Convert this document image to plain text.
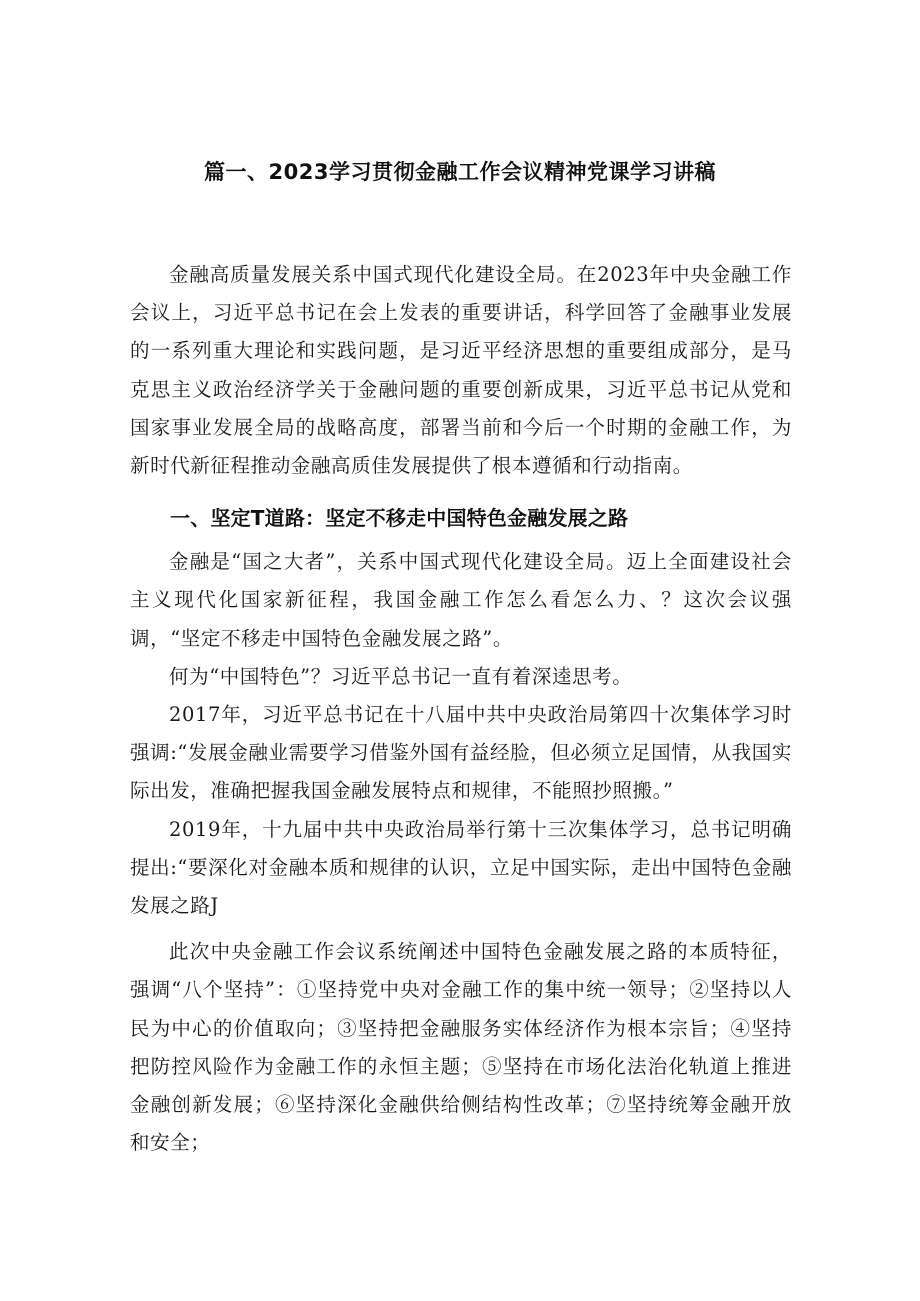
篇一、2023学习贯彻金融工作会议精神党课学习讲稿

金融高质量发展关系中国式现代化建设全局。在2023年中央金融工作会议上，习近平总书记在会上发表的重要讲话，科学回答了金融事业发展的一系列重大理论和实践问题，是习近平经济思想的重要组成部分，是马克思主义政治经济学关于金融问题的重要创新成果，习近平总书记从党和国家事业发展全局的战略高度，部署当前和今后一个时期的金融工作，为新时代新征程推动金融高质佳发展提供了根本遵循和行动指南。

一、坚定T道路：坚定不移走中国特色金融发展之路

金融是“国之大者”，关系中国式现代化建设全局。迈上全面建设社会主义现代化国家新征程，我国金融工作怎么看怎么力、？这次会议强调，“坚定不移走中国特色金融发展之路”。

何为“中国特色”？习近平总书记一直有着深逵思考。

2017年，习近平总书记在十八届中共中央政治局第四十次集体学习时强调:“发展金融业需要学习借鉴外国有益经脸，但必须立足国情，从我国实际出发，准确把握我国金融发展特点和规律，不能照抄照搬。”

2019年，十九届中共中央政治局举行第十三次集体学习，总书记明确提出:“要深化对金融本质和规律的认识，立足中国实际，走出中国特色金融发展之路J

此次中央金融工作会议系统阐述中国特色金融发展之路的本质特征，强调“八个坚持”：①坚持党中央对金融工作的集中统一领导；②坚持以人民为中心的价值取向；③坚持把金融服务实体经济作为根本宗旨；④坚持把防控风险作为金融工作的永恒主题；⑤坚持在市场化法治化轨道上推进金融创新发展；⑥坚持深化金融供给侧结构性改革；⑦坚持统筹金融开放和安全；
